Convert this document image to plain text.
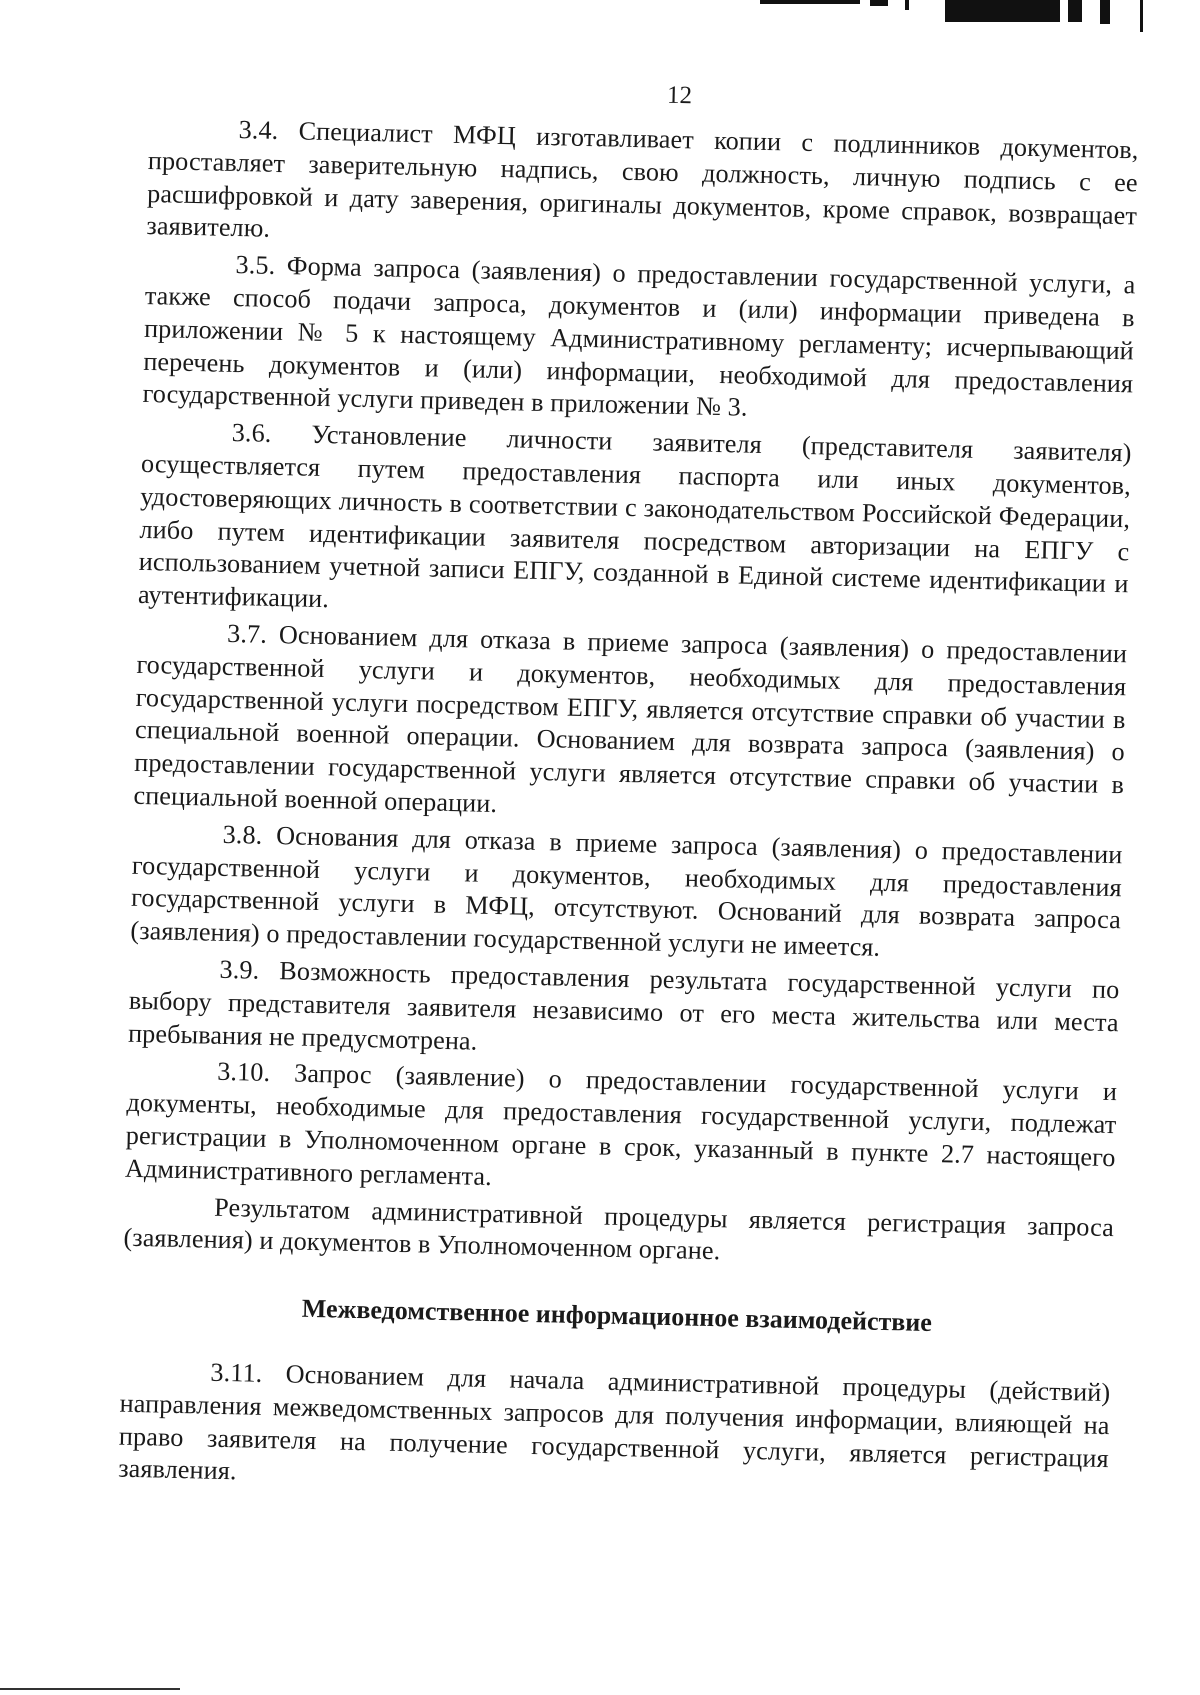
12

3.4. Специалист МФЦ изготавливает копии с подлинников документов, проставляет заверительную надпись, свою должность, личную подпись с ее расшифровкой и дату заверения, оригиналы документов, кроме справок, возвращает заявителю.

3.5. Форма запроса (заявления) о предоставлении государственной услуги, а также способ подачи запроса, документов и (или) информации приведена в приложении № 5 к настоящему Административному регламенту; исчерпывающий перечень документов и (или) информации, необходимой для предоставления государственной услуги приведен в приложении № 3.

3.6. Установление личности заявителя (представителя заявителя) осуществляется путем предоставления паспорта или иных документов, удостоверяющих личность в соответствии с законодательством Российской Федерации, либо путем идентификации заявителя посредством авторизации на ЕПГУ с использованием учетной записи ЕПГУ, созданной в Единой системе идентификации и аутентификации.

3.7. Основанием для отказа в приеме запроса (заявления) о предоставлении государственной услуги и документов, необходимых для предоставления государственной услуги посредством ЕПГУ, является отсутствие справки об участии в специальной военной операции. Основанием для возврата запроса (заявления) о предоставлении государственной услуги является отсутствие справки об участии в специальной военной операции.

3.8. Основания для отказа в приеме запроса (заявления) о предоставлении государственной услуги и документов, необходимых для предоставления государственной услуги в МФЦ, отсутствуют. Оснований для возврата запроса (заявления) о предоставлении государственной услуги не имеется.

3.9. Возможность предоставления результата государственной услуги по выбору представителя заявителя независимо от его места жительства или места пребывания не предусмотрена.

3.10. Запрос (заявление) о предоставлении государственной услуги и документы, необходимые для предоставления государственной услуги, подлежат регистрации в Уполномоченном органе в срок, указанный в пункте 2.7 настоящего Административного регламента.

Результатом административной процедуры является регистрация запроса (заявления) и документов в Уполномоченном органе.

Межведомственное информационное взаимодействие

3.11. Основанием для начала административной процедуры (действий) направления межведомственных запросов для получения информации, влияющей на право заявителя на получение государственной услуги, является регистрация заявления.
